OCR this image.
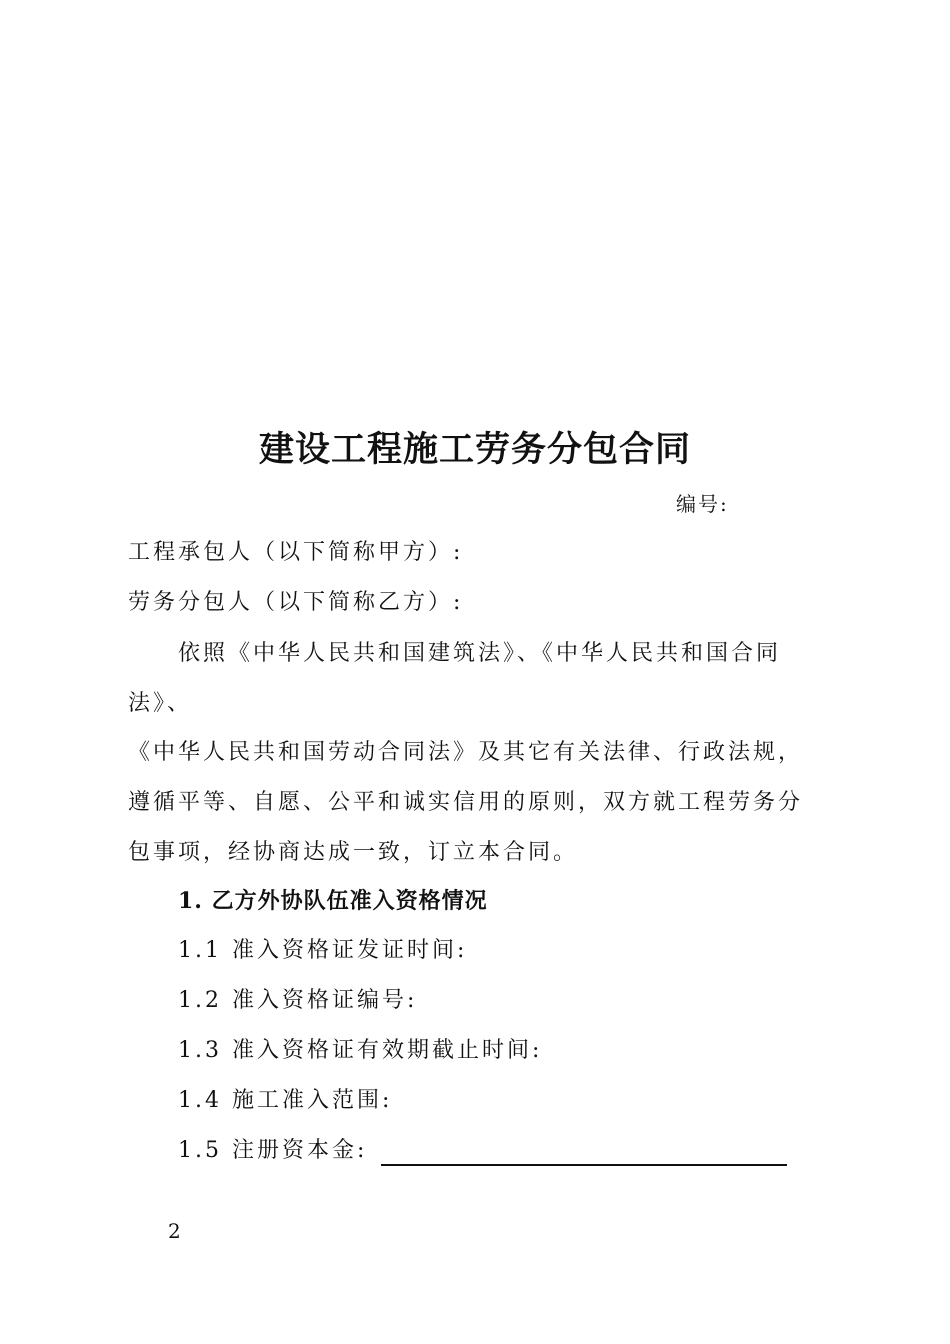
建设工程施工劳务分包合同
编号:
工程承包人（以下简称甲方）:
劳务分包人（以下简称乙方）:
依照《中华人民共和国建筑法》、《中华人民共和国合同
法》、
《中华人民共和国劳动合同法》及其它有关法律、行政法规，
遵循平等、自愿、公平和诚实信用的原则，双方就工程劳务分
包事项，经协商达成一致，订立本合同。
1. 乙方外协队伍准入资格情况
1.1 准入资格证发证时间:
1.2 准入资格证编号:
1.3 准入资格证有效期截止时间:
1.4 施工准入范围:
1.5 注册资本金:
2
